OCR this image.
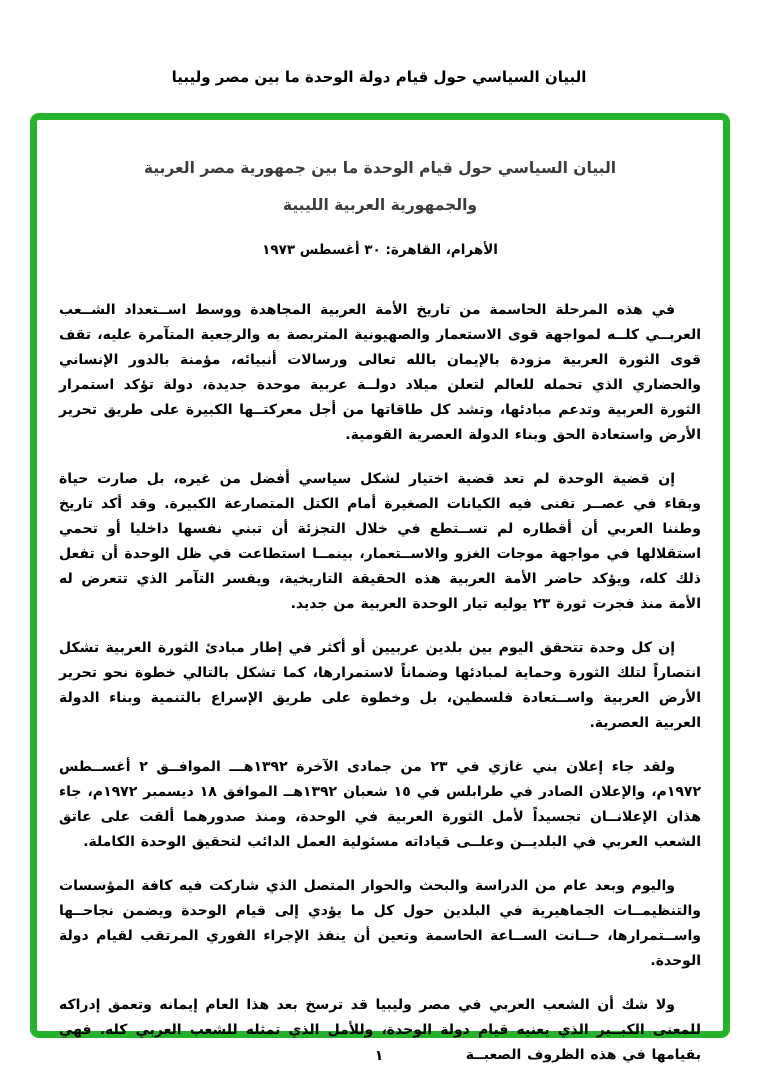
البيان السياسي حول قيام دولة الوحدة ما بين مصر وليبيا
البيان السياسي حول قيام الوحدة ما بين جمهورية مصر العربية
والجمهورية العربية الليبية
الأهرام، القاهرة: ٣٠ أغسطس ١٩٧٣

في هذه المرحلة الحاسمة من تاريخ الأمة العربية المجاهدة ووسط اســتعداد الشــعب العربــي كلــه لمواجهة قوى الاستعمار والصهيونية المتربصة به والرجعية المتآمرة عليه، تقف قوى الثورة العربية مزودة بالإيمان بالله تعالى ورسالات أنبيائه، مؤمنة بالدور الإنساني والحضاري الذي تحمله للعالم لتعلن ميلاد دولــة عربية موحدة جديدة، دولة تؤكد استمرار الثورة العربية وتدعم مبادئها، وتشد كل طاقاتها من أجل معركتــها الكبيرة على طريق تحرير الأرض واستعادة الحق وبناء الدولة العصرية القومية.

إن قضية الوحدة لم تعد قضية اختيار لشكل سياسي أفضل من غيره، بل صارت حياة وبقاء في عصــر تفنى فيه الكيانات الصغيرة أمام الكتل المتصارعة الكبيرة. وقد أكد تاريخ وطننا العربي أن أقطاره لم تســتطع في خلال التجزئة أن تبني نفسها داخليا أو تحمي استقلالها في مواجهة موجات الغزو والاســتعمار، بينمــا استطاعت في ظل الوحدة أن تفعل ذلك كله، ويؤكد حاضر الأمة العربية هذه الحقيقة التاريخية، ويفسر التآمر الذي تتعرض له الأمة منذ فجرت ثورة ٢٣ يوليه تيار الوحدة العربية من جديد.

إن كل وحدة تتحقق اليوم بين بلدين عربيين أو أكثر في إطار مبادئ الثورة العربية تشكل انتصاراً لتلك الثورة وحماية لمبادئها وضماناً لاستمرارها، كما تشكل بالتالي خطوة نحو تحرير الأرض العربية واســتعادة فلسطين، بل وخطوة على طريق الإسراع بالتنمية وبناء الدولة العربية العصرية.

ولقد جاء إعلان بني غازي في ٢٣ من جمادى الآخرة ١٣٩٢هـــ الموافــق ٢ أغســطس ١٩٧٢م، والإعلان الصادر في طرابلس في ١٥ شعبان ١٣٩٢هــ الموافق ١٨ ديسمبر ١٩٧٢م، جاء هذان الإعلانــان تجسيداً لأمل الثورة العربية في الوحدة، ومنذ صدورهما ألقت على عاتق الشعب العربي في البلديــن وعلــى قياداته مسئولية العمل الدائب لتحقيق الوحدة الكاملة.

واليوم وبعد عام من الدراسة والبحث والحوار المتصل الذي شاركت فيه كافة المؤسسات والتنظيمــات الجماهيرية في البلدين حول كل ما يؤدي إلى قيام الوحدة ويضمن نجاحــها واســتمرارها، حــانت الســاعة الحاسمة وتعين أن ينفذ الإجراء الفوري المرتقب لقيام دولة الوحدة.

ولا شك أن الشعب العربي في مصر وليبيا قد ترسخ بعد هذا العام إيمانه وتعمق إدراكه للمعنى الكبــير الذي يعنيه قيام دولة الوحدة، وللأمل الذي تمثله للشعب العربي كله. فهي بقيامها في هذه الظروف الصعبــة

١
